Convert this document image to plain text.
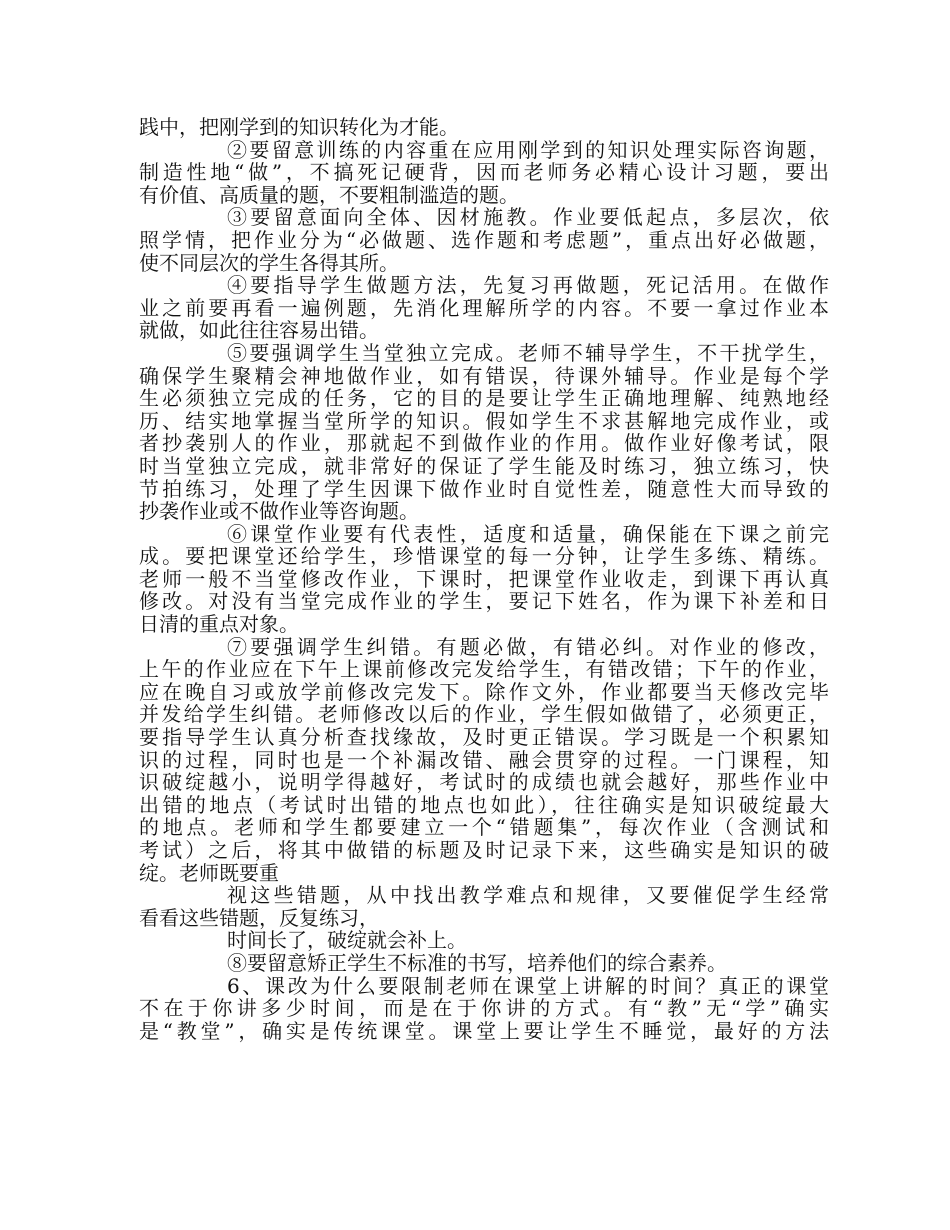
践中，把刚学到的知识转化为才能。
②要留意训练的内容重在应用刚学到的知识处理实际咨询题，
制造性地“做”，不搞死记硬背，因而老师务必精心设计习题，要出
有价值、高质量的题，不要粗制滥造的题。
③要留意面向全体、因材施教。作业要低起点，多层次，依
照学情，把作业分为“必做题、选作题和考虑题”，重点出好必做题，
使不同层次的学生各得其所。
④要指导学生做题方法，先复习再做题，死记活用。在做作
业之前要再看一遍例题，先消化理解所学的内容。不要一拿过作业本
就做，如此往往容易出错。
⑤要强调学生当堂独立完成。老师不辅导学生，不干扰学生，
确保学生聚精会神地做作业，如有错误，待课外辅导。作业是每个学
生必须独立完成的任务，它的目的是要让学生正确地理解、纯熟地经
历、结实地掌握当堂所学的知识。假如学生不求甚解地完成作业，或
者抄袭别人的作业，那就起不到做作业的作用。做作业好像考试，限
时当堂独立完成，就非常好的保证了学生能及时练习，独立练习，快
节拍练习，处理了学生因课下做作业时自觉性差，随意性大而导致的
抄袭作业或不做作业等咨询题。
⑥课堂作业要有代表性，适度和适量，确保能在下课之前完
成。要把课堂还给学生，珍惜课堂的每一分钟，让学生多练、精练。
老师一般不当堂修改作业，下课时，把课堂作业收走，到课下再认真
修改。对没有当堂完成作业的学生，要记下姓名，作为课下补差和日
日清的重点对象。
⑦要强调学生纠错。有题必做，有错必纠。对作业的修改，
上午的作业应在下午上课前修改完发给学生，有错改错；下午的作业，
应在晚自习或放学前修改完发下。除作文外，作业都要当天修改完毕
并发给学生纠错。老师修改以后的作业，学生假如做错了，必须更正，
要指导学生认真分析查找缘故，及时更正错误。学习既是一个积累知
识的过程，同时也是一个补漏改错、融会贯穿的过程。一门课程，知
识破绽越小，说明学得越好，考试时的成绩也就会越好，那些作业中
出错的地点（考试时出错的地点也如此），往往确实是知识破绽最大
的地点。老师和学生都要建立一个“错题集”，每次作业（含测试和
考试）之后，将其中做错的标题及时记录下来，这些确实是知识的破
绽。老师既要重
视这些错题，从中找出教学难点和规律，又要催促学生经常
看看这些错题，反复练习，
时间长了，破绽就会补上。
⑧要留意矫正学生不标准的书写，培养他们的综合素养。
6、课改为什么要限制老师在课堂上讲解的时间？真正的课堂
不在于你讲多少时间，而是在于你讲的方式。有“教”无“学”确实
是“教堂”，确实是传统课堂。课堂上要让学生不睡觉，最好的方法
